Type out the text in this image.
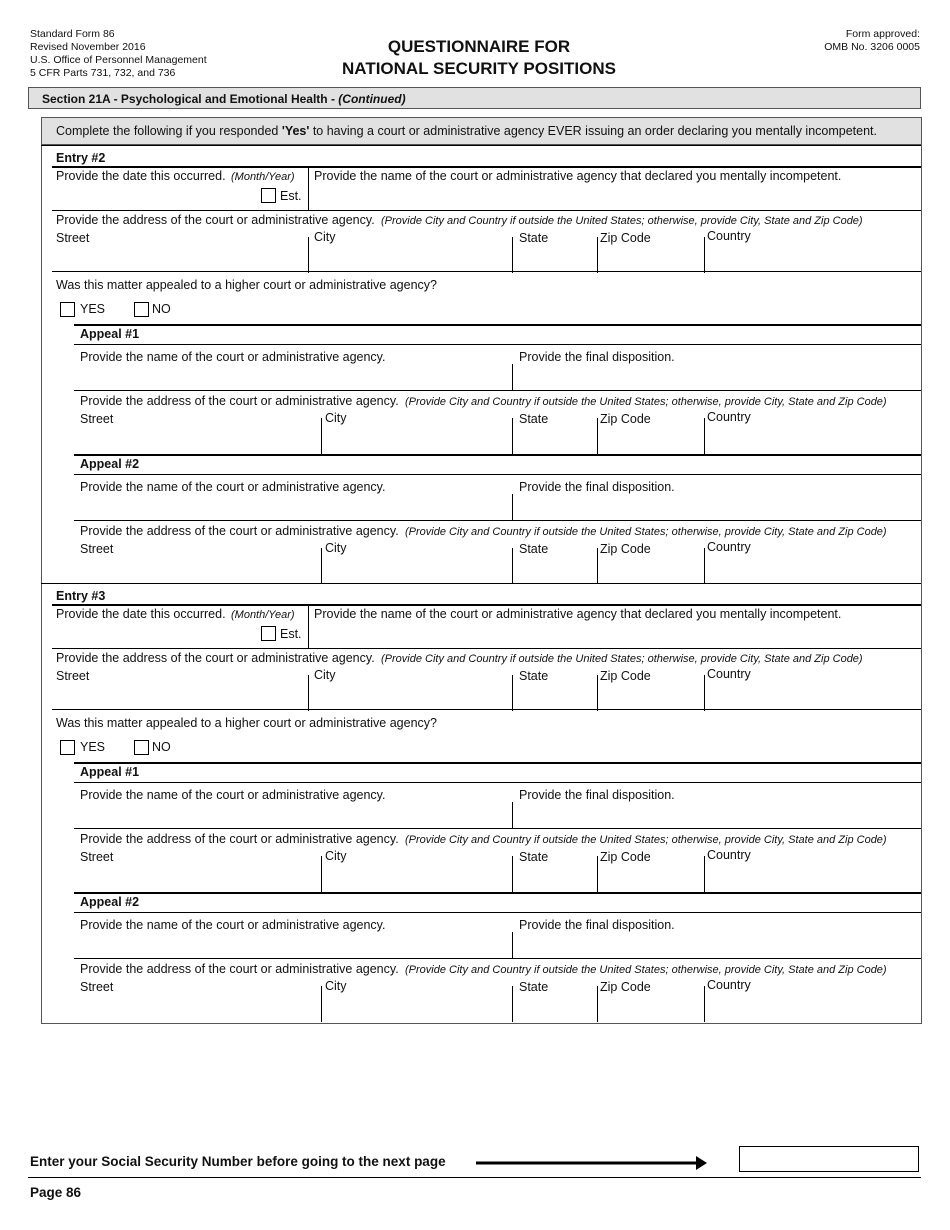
Standard Form 86
Revised November 2016
U.S. Office of Personnel Management
5 CFR Parts 731, 732, and 736
QUESTIONNAIRE FOR
NATIONAL SECURITY POSITIONS
Form approved:
OMB No. 3206 0005
Section 21A - Psychological and Emotional Health - (Continued)
Complete the following if you responded 'Yes' to having a court or administrative agency EVER issuing an order declaring you mentally incompetent.
Entry #2
Provide the date this occurred. (Month/Year)
Est.
Provide the name of the court or administrative agency that declared you mentally incompetent.
Provide the address of the court or administrative agency. (Provide City and Country if outside the United States; otherwise, provide City, State and Zip Code)
Street	City	State	Zip Code	Country
Was this matter appealed to a higher court or administrative agency?
YES	NO
Appeal #1
Provide the name of the court or administrative agency.	Provide the final disposition.
Provide the address of the court or administrative agency. (Provide City and Country if outside the United States; otherwise, provide City, State and Zip Code)
Street	City	State	Zip Code	Country
Appeal #2
Provide the name of the court or administrative agency.	Provide the final disposition.
Provide the address of the court or administrative agency. (Provide City and Country if outside the United States; otherwise, provide City, State and Zip Code)
Street	City	State	Zip Code	Country
Entry #3
Provide the date this occurred. (Month/Year)
Est.
Provide the name of the court or administrative agency that declared you mentally incompetent.
Provide the address of the court or administrative agency. (Provide City and Country if outside the United States; otherwise, provide City, State and Zip Code)
Street	City	State	Zip Code	Country
Was this matter appealed to a higher court or administrative agency?
YES	NO
Appeal #1
Provide the name of the court or administrative agency.	Provide the final disposition.
Provide the address of the court or administrative agency. (Provide City and Country if outside the United States; otherwise, provide City, State and Zip Code)
Street	City	State	Zip Code	Country
Appeal #2
Provide the name of the court or administrative agency.	Provide the final disposition.
Provide the address of the court or administrative agency. (Provide City and Country if outside the United States; otherwise, provide City, State and Zip Code)
Street	City	State	Zip Code	Country
Enter your Social Security Number before going to the next page
Page 86
